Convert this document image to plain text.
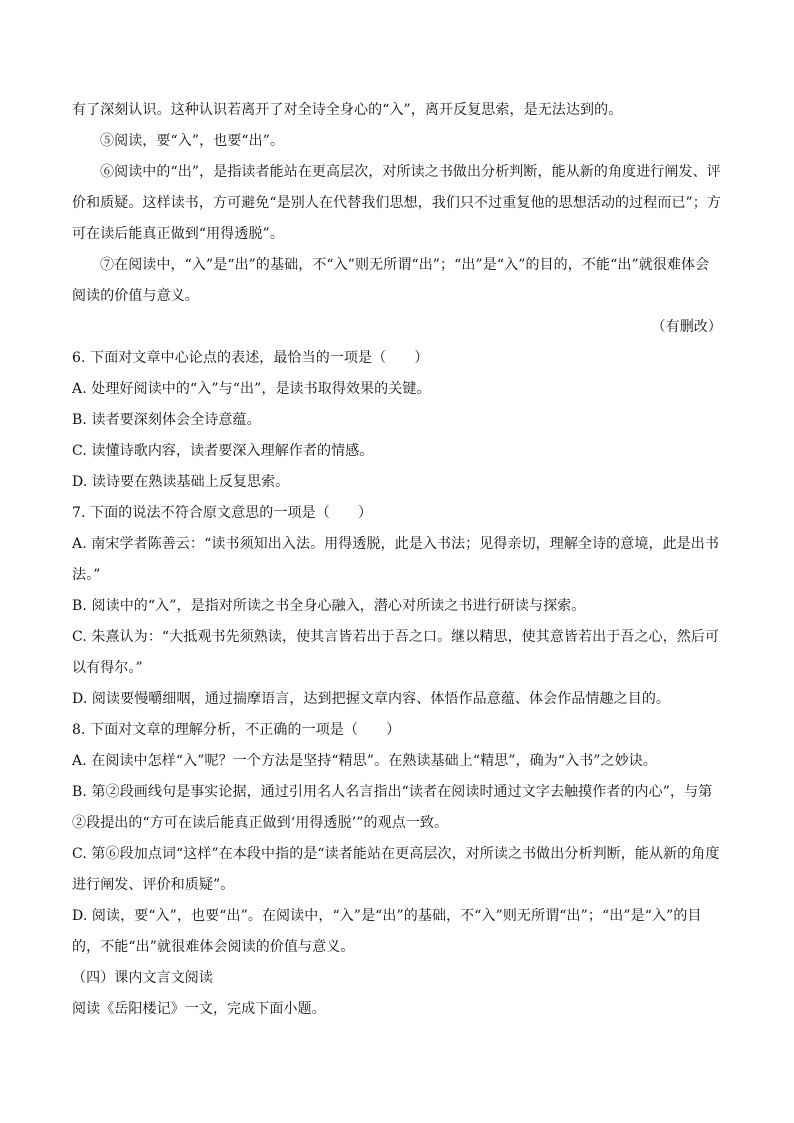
有了深刻认识。这种认识若离开了对全诗全身心的“入”，离开反复思索，是无法达到的。

⑤阅读，要“入”，也要“出”。

⑥阅读中的“出”，是指读者能站在更高层次，对所读之书做出分析判断，能从新的角度进行阐发、评价和质疑。这样读书，方可避免“是别人在代替我们思想，我们只不过重复他的思想活动的过程而已”；方可在读后能真正做到“用得透脱”。

⑦在阅读中，“入”是“出”的基础，不“入”则无所谓“出”；“出”是“入”的目的，不能“出”就很难体会阅读的价值与意义。

（有删改）

6. 下面对文章中心论点的表述，最恰当的一项是（　　）

A. 处理好阅读中的“入”与“出”，是读书取得效果的关键。

B. 读者要深刻体会全诗意蕴。

C. 读懂诗歌内容，读者要深入理解作者的情感。

D. 读诗要在熟读基础上反复思索。

7. 下面的说法不符合原文意思的一项是（　　）

A. 南宋学者陈善云：“读书须知出入法。用得透脱，此是入书法；见得亲切，理解全诗的意境，此是出书法。”

B. 阅读中的“入”，是指对所读之书全身心融入，潜心对所读之书进行研读与探索。

C. 朱熹认为：“大抵观书先须熟读，使其言皆若出于吾之口。继以精思，使其意皆若出于吾之心，然后可以有得尔。”

D. 阅读要慢嚼细咽，通过揣摩语言，达到把握文章内容、体悟作品意蕴、体会作品情趣之目的。

8. 下面对文章的理解分析，不正确的一项是（　　）

A. 在阅读中怎样“入”呢？一个方法是坚持“精思”。在熟读基础上“精思”，确为“入书”之妙诀。

B. 第②段画线句是事实论据，通过引用名人名言指出“读者在阅读时通过文字去触摸作者的内心”，与第②段提出的“方可在读后能真正做到‘用得透脱’”的观点一致。

C. 第⑥段加点词“这样”在本段中指的是“读者能站在更高层次，对所读之书做出分析判断，能从新的角度进行阐发、评价和质疑”。

D. 阅读，要“入”，也要“出”。在阅读中，“入”是“出”的基础，不“入”则无所谓“出”；“出”是“入”的目的，不能“出”就很难体会阅读的价值与意义。

（四）课内文言文阅读

阅读《岳阳楼记》一文，完成下面小题。
